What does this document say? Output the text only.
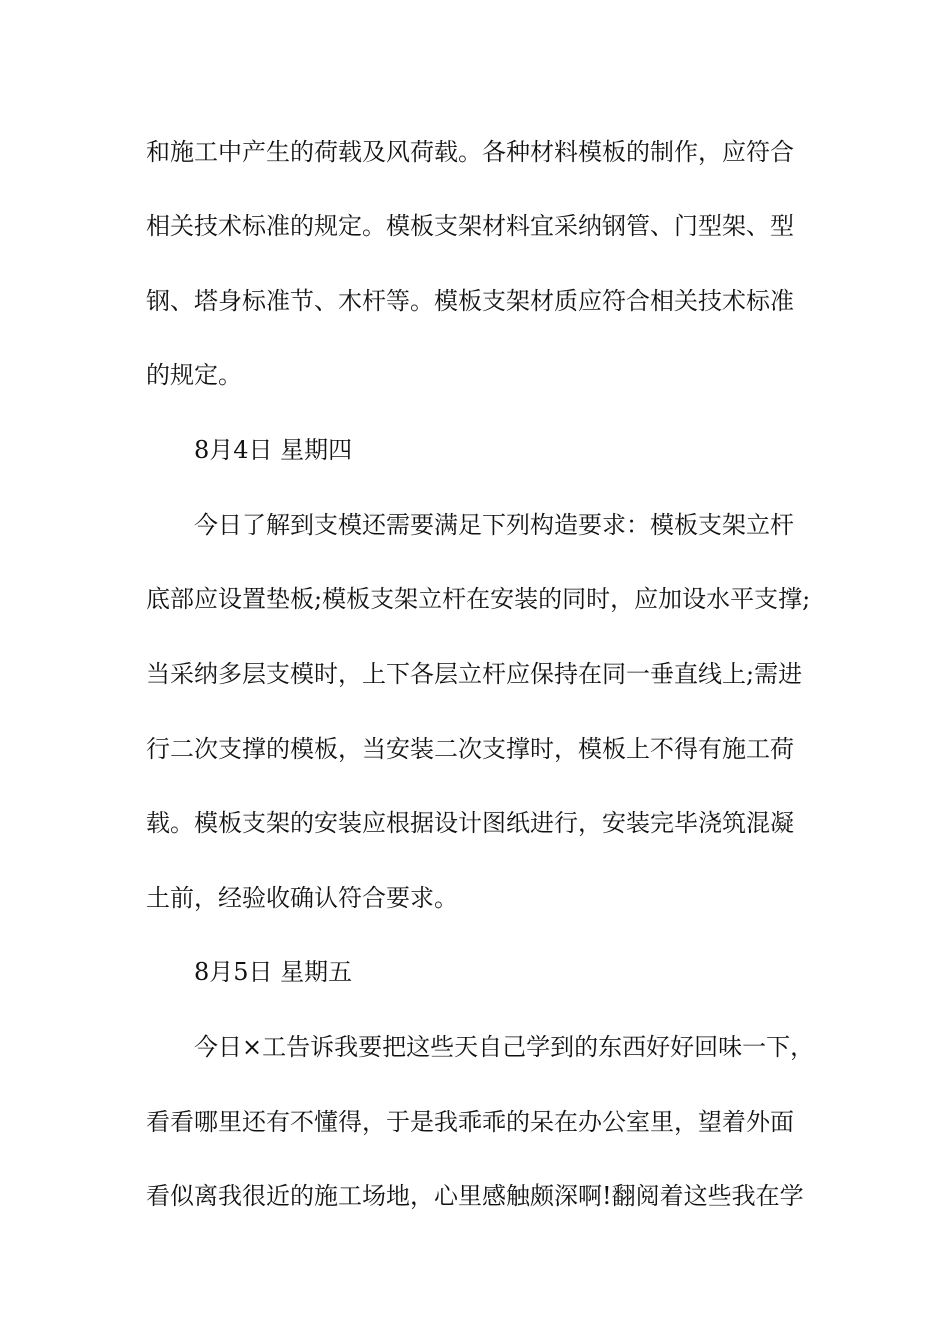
和施工中产生的荷载及风荷载。各种材料模板的制作，应符合
相关技术标准的规定。模板支架材料宜采纳钢管、门型架、型
钢、塔身标准节、木杆等。模板支架材质应符合相关技术标准
的规定。
8月4日 星期四
今日了解到支模还需要满足下列构造要求：模板支架立杆
底部应设置垫板;模板支架立杆在安装的同时，应加设水平支撑;
当采纳多层支模时，上下各层立杆应保持在同一垂直线上;需进
行二次支撑的模板，当安装二次支撑时，模板上不得有施工荷
载。模板支架的安装应根据设计图纸进行，安装完毕浇筑混凝
土前，经验收确认符合要求。
8月5日 星期五
今日×工告诉我要把这些天自己学到的东西好好回味一下，
看看哪里还有不懂得，于是我乖乖的呆在办公室里，望着外面
看似离我很近的施工场地，心里感触颇深啊!翻阅着这些我在学
